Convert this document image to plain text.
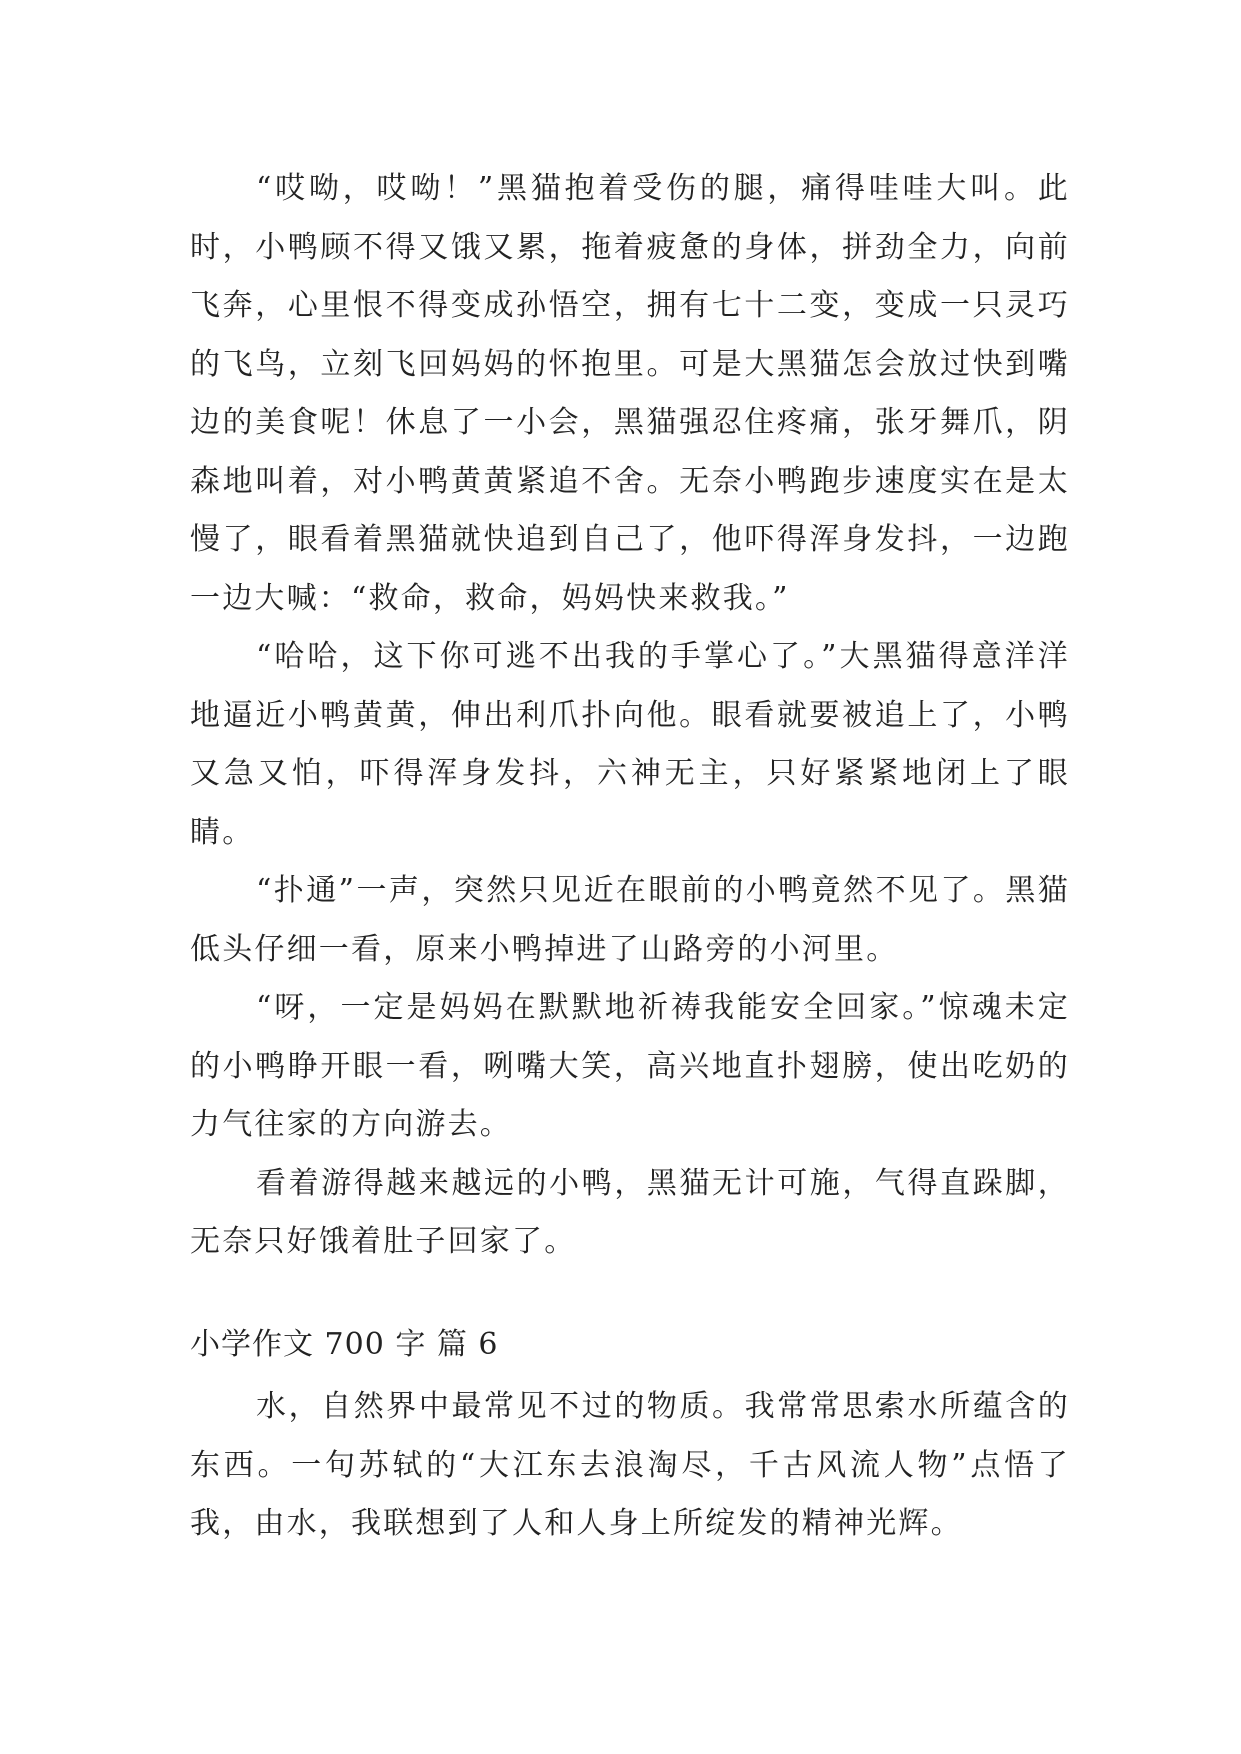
“哎呦，哎呦！”黑猫抱着受伤的腿，痛得哇哇大叫。此时，小鸭顾不得又饿又累，拖着疲惫的身体，拼劲全力，向前飞奔，心里恨不得变成孙悟空，拥有七十二变，变成一只灵巧的飞鸟，立刻飞回妈妈的怀抱里。可是大黑猫怎会放过快到嘴边的美食呢！休息了一小会，黑猫强忍住疼痛，张牙舞爪，阴森地叫着，对小鸭黄黄紧追不舍。无奈小鸭跑步速度实在是太慢了，眼看着黑猫就快追到自己了，他吓得浑身发抖，一边跑一边大喊：“救命，救命，妈妈快来救我。”

“哈哈，这下你可逃不出我的手掌心了。”大黑猫得意洋洋地逼近小鸭黄黄，伸出利爪扑向他。眼看就要被追上了，小鸭又急又怕，吓得浑身发抖，六神无主，只好紧紧地闭上了眼睛。

“扑通”一声，突然只见近在眼前的小鸭竟然不见了。黑猫低头仔细一看，原来小鸭掉进了山路旁的小河里。

“呀，一定是妈妈在默默地祈祷我能安全回家。”惊魂未定的小鸭睁开眼一看，咧嘴大笑，高兴地直扑翅膀，使出吃奶的力气往家的方向游去。

看着游得越来越远的小鸭，黑猫无计可施，气得直跺脚，无奈只好饿着肚子回家了。

小学作文 700 字 篇 6

水，自然界中最常见不过的物质。我常常思索水所蕴含的东西。一句苏轼的“大江东去浪淘尽，千古风流人物”点悟了我，由水，我联想到了人和人身上所绽发的精神光辉。
